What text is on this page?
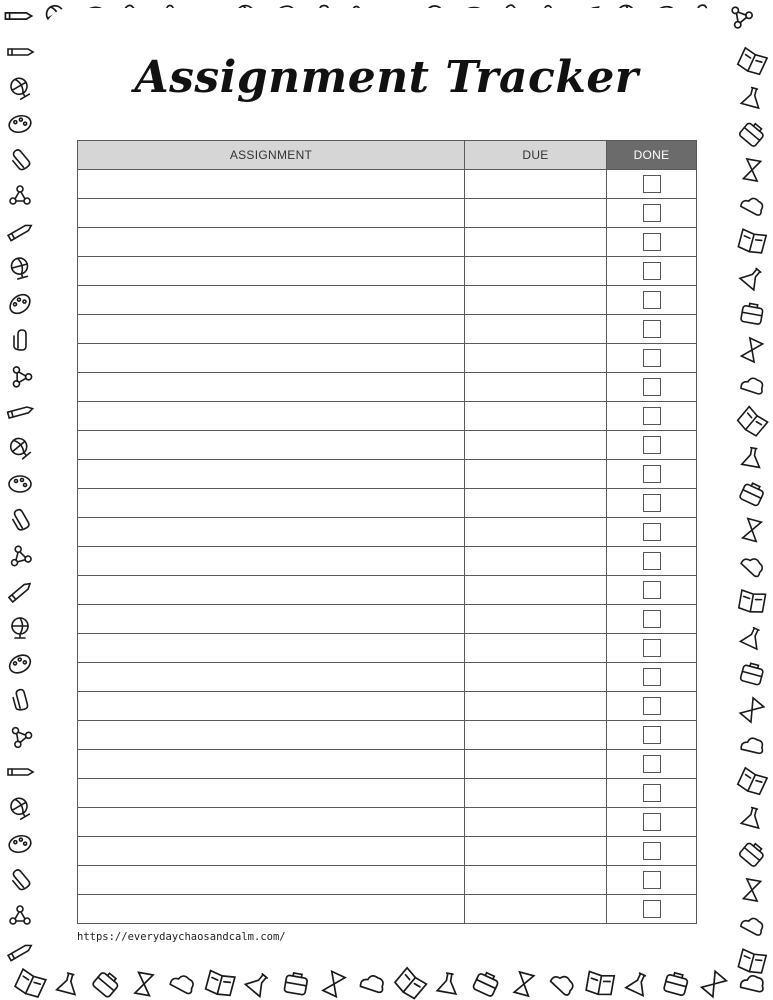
Assignment Tracker
ASSIGNMENT	DUE	DONE

https://everydaychaosandcalm.com/
